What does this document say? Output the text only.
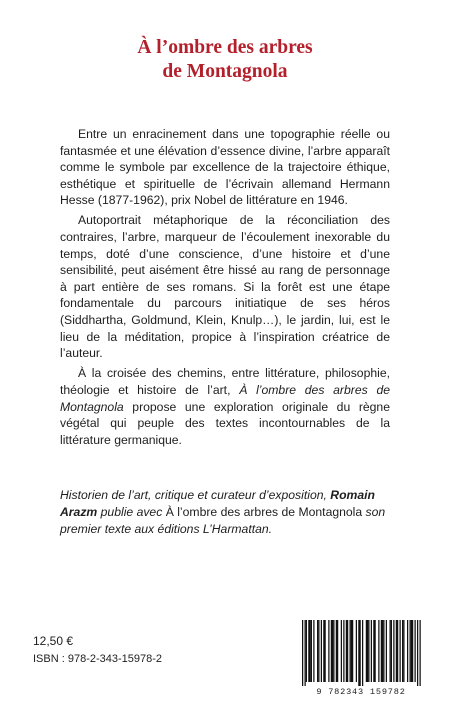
À l’ombre des arbres
de Montagnola

Entre un enracinement dans une topographie réelle ou fantasmée et une élévation d’essence divine, l’arbre apparaît comme le symbole par excellence de la trajectoire éthique, esthétique et spirituelle de l’écrivain allemand Hermann Hesse (1877-1962), prix Nobel de littérature en 1946.

Autoportrait métaphorique de la réconciliation des contraires, l’arbre, marqueur de l’écoulement inexorable du temps, doté d’une conscience, d’une histoire et d’une sensibilité, peut aisément être hissé au rang de personnage à part entière de ses romans. Si la forêt est une étape fondamentale du parcours initiatique de ses héros (Siddhartha, Goldmund, Klein, Knulp…), le jardin, lui, est le lieu de la méditation, propice à l’inspiration créatrice de l’auteur.

À la croisée des chemins, entre littérature, philosophie, théologie et histoire de l’art, À l’ombre des arbres de Montagnola propose une exploration originale du règne végétal qui peuple des textes incontournables de la littérature germanique.

Historien de l’art, critique et curateur d’exposition, Romain Arazm publie avec À l’ombre des arbres de Montagnola son premier texte aux éditions L’Harmattan.
12,50 €
ISBN : 978-2-343-15978-2
9 782343 159782
